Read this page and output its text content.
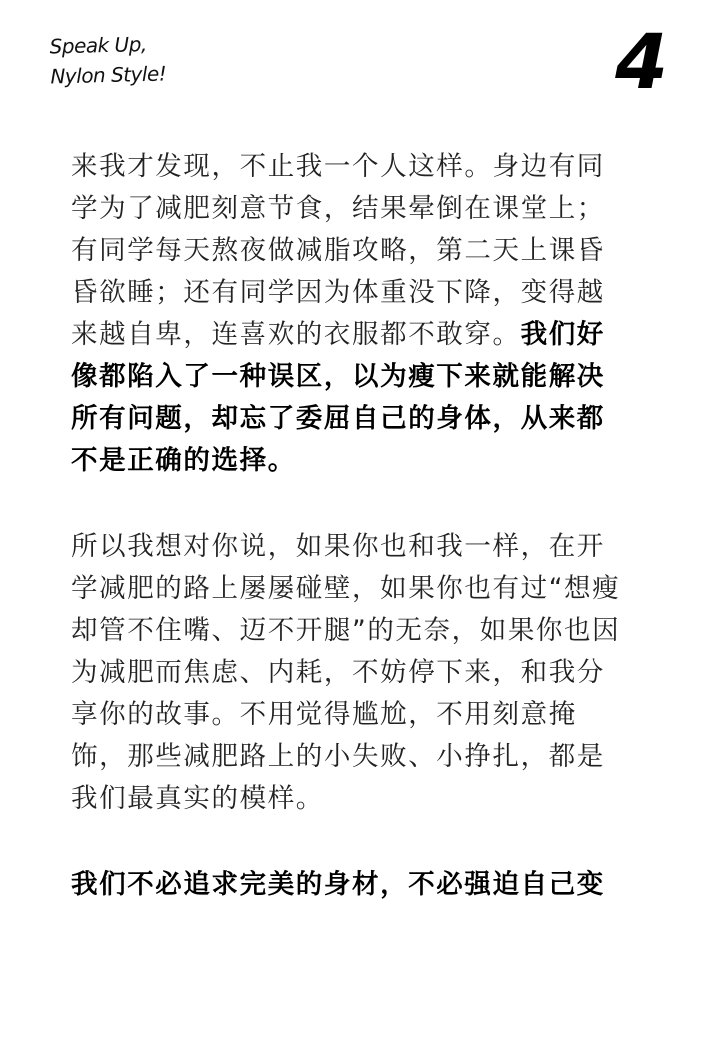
Speak Up,
Nylon Style!	4
来我才发现，不止我一个人这样。身边有同
学为了减肥刻意节食，结果晕倒在课堂上；
有同学每天熬夜做减脂攻略，第二天上课昏
昏欲睡；还有同学因为体重没下降，变得越
来越自卑，连喜欢的衣服都不敢穿。我们好
像都陷入了一种误区，以为瘦下来就能解决
所有问题，却忘了委屈自己的身体，从来都
不是正确的选择。
所以我想对你说，如果你也和我一样，在开
学减肥的路上屡屡碰壁，如果你也有过“想瘦
却管不住嘴、迈不开腿”的无奈，如果你也因
为减肥而焦虑、内耗，不妨停下来，和我分
享你的故事。不用觉得尴尬，不用刻意掩
饰，那些减肥路上的小失败、小挣扎，都是
我们最真实的模样。
我们不必追求完美的身材，不必强迫自己变
